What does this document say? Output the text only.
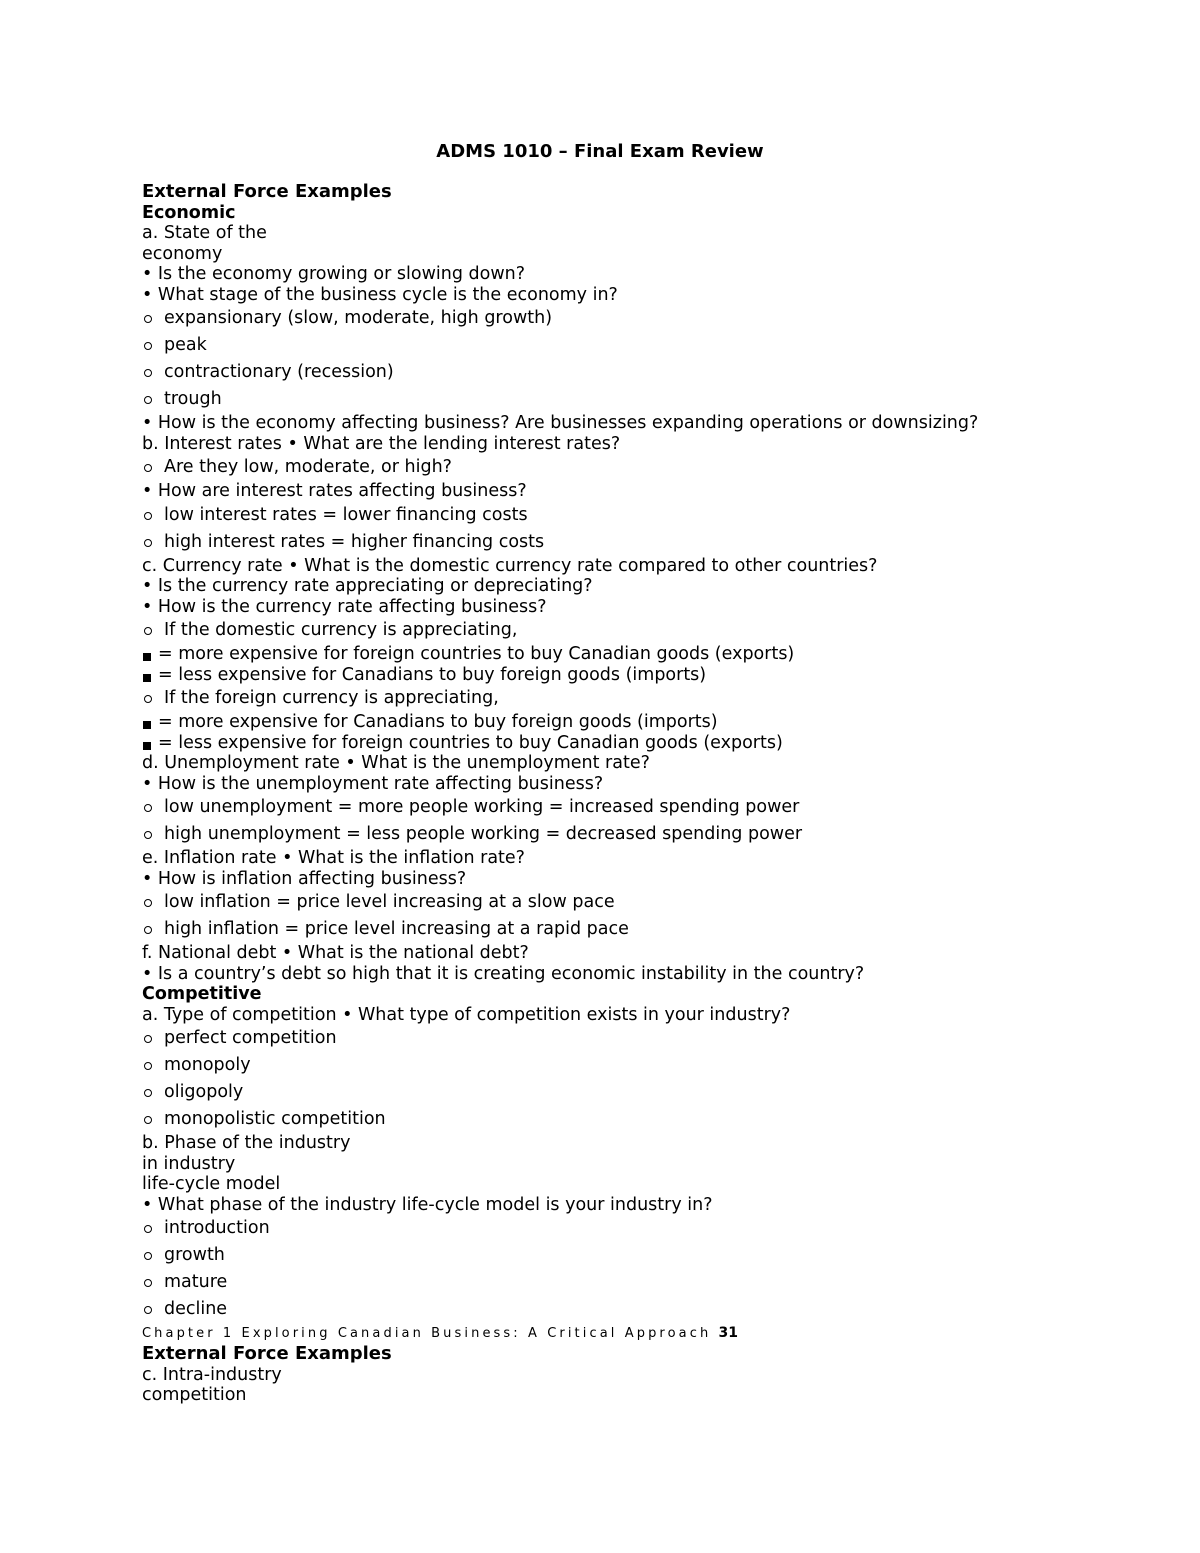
ADMS 1010 – Final Exam Review
External Force Examples
Economic
a. State of the
economy
• Is the economy growing or slowing down?
• What stage of the business cycle is the economy in?
expansionary (slow, moderate, high growth)
peak
contractionary (recession)
trough
• How is the economy affecting business? Are businesses expanding operations or downsizing?
b. Interest rates • What are the lending interest rates?
Are they low, moderate, or high?
• How are interest rates affecting business?
low interest rates = lower financing costs
high interest rates = higher financing costs
c. Currency rate • What is the domestic currency rate compared to other countries?
• Is the currency rate appreciating or depreciating?
• How is the currency rate affecting business?
If the domestic currency is appreciating,
= more expensive for foreign countries to buy Canadian goods (exports)
= less expensive for Canadians to buy foreign goods (imports)
If the foreign currency is appreciating,
= more expensive for Canadians to buy foreign goods (imports)
= less expensive for foreign countries to buy Canadian goods (exports)
d. Unemployment rate • What is the unemployment rate?
• How is the unemployment rate affecting business?
low unemployment = more people working = increased spending power
high unemployment = less people working = decreased spending power
e. Inflation rate • What is the inflation rate?
• How is inflation affecting business?
low inflation = price level increasing at a slow pace
high inflation = price level increasing at a rapid pace
f. National debt • What is the national debt?
• Is a country’s debt so high that it is creating economic instability in the country?
Competitive
a. Type of competition • What type of competition exists in your industry?
perfect competition
monopoly
oligopoly
monopolistic competition
b. Phase of the industry
in industry
life-cycle model
• What phase of the industry life-cycle model is your industry in?
introduction
growth
mature
decline
Chapter 1 Exploring Canadian Business: A Critical Approach 31
External Force Examples
c. Intra-industry
competition
